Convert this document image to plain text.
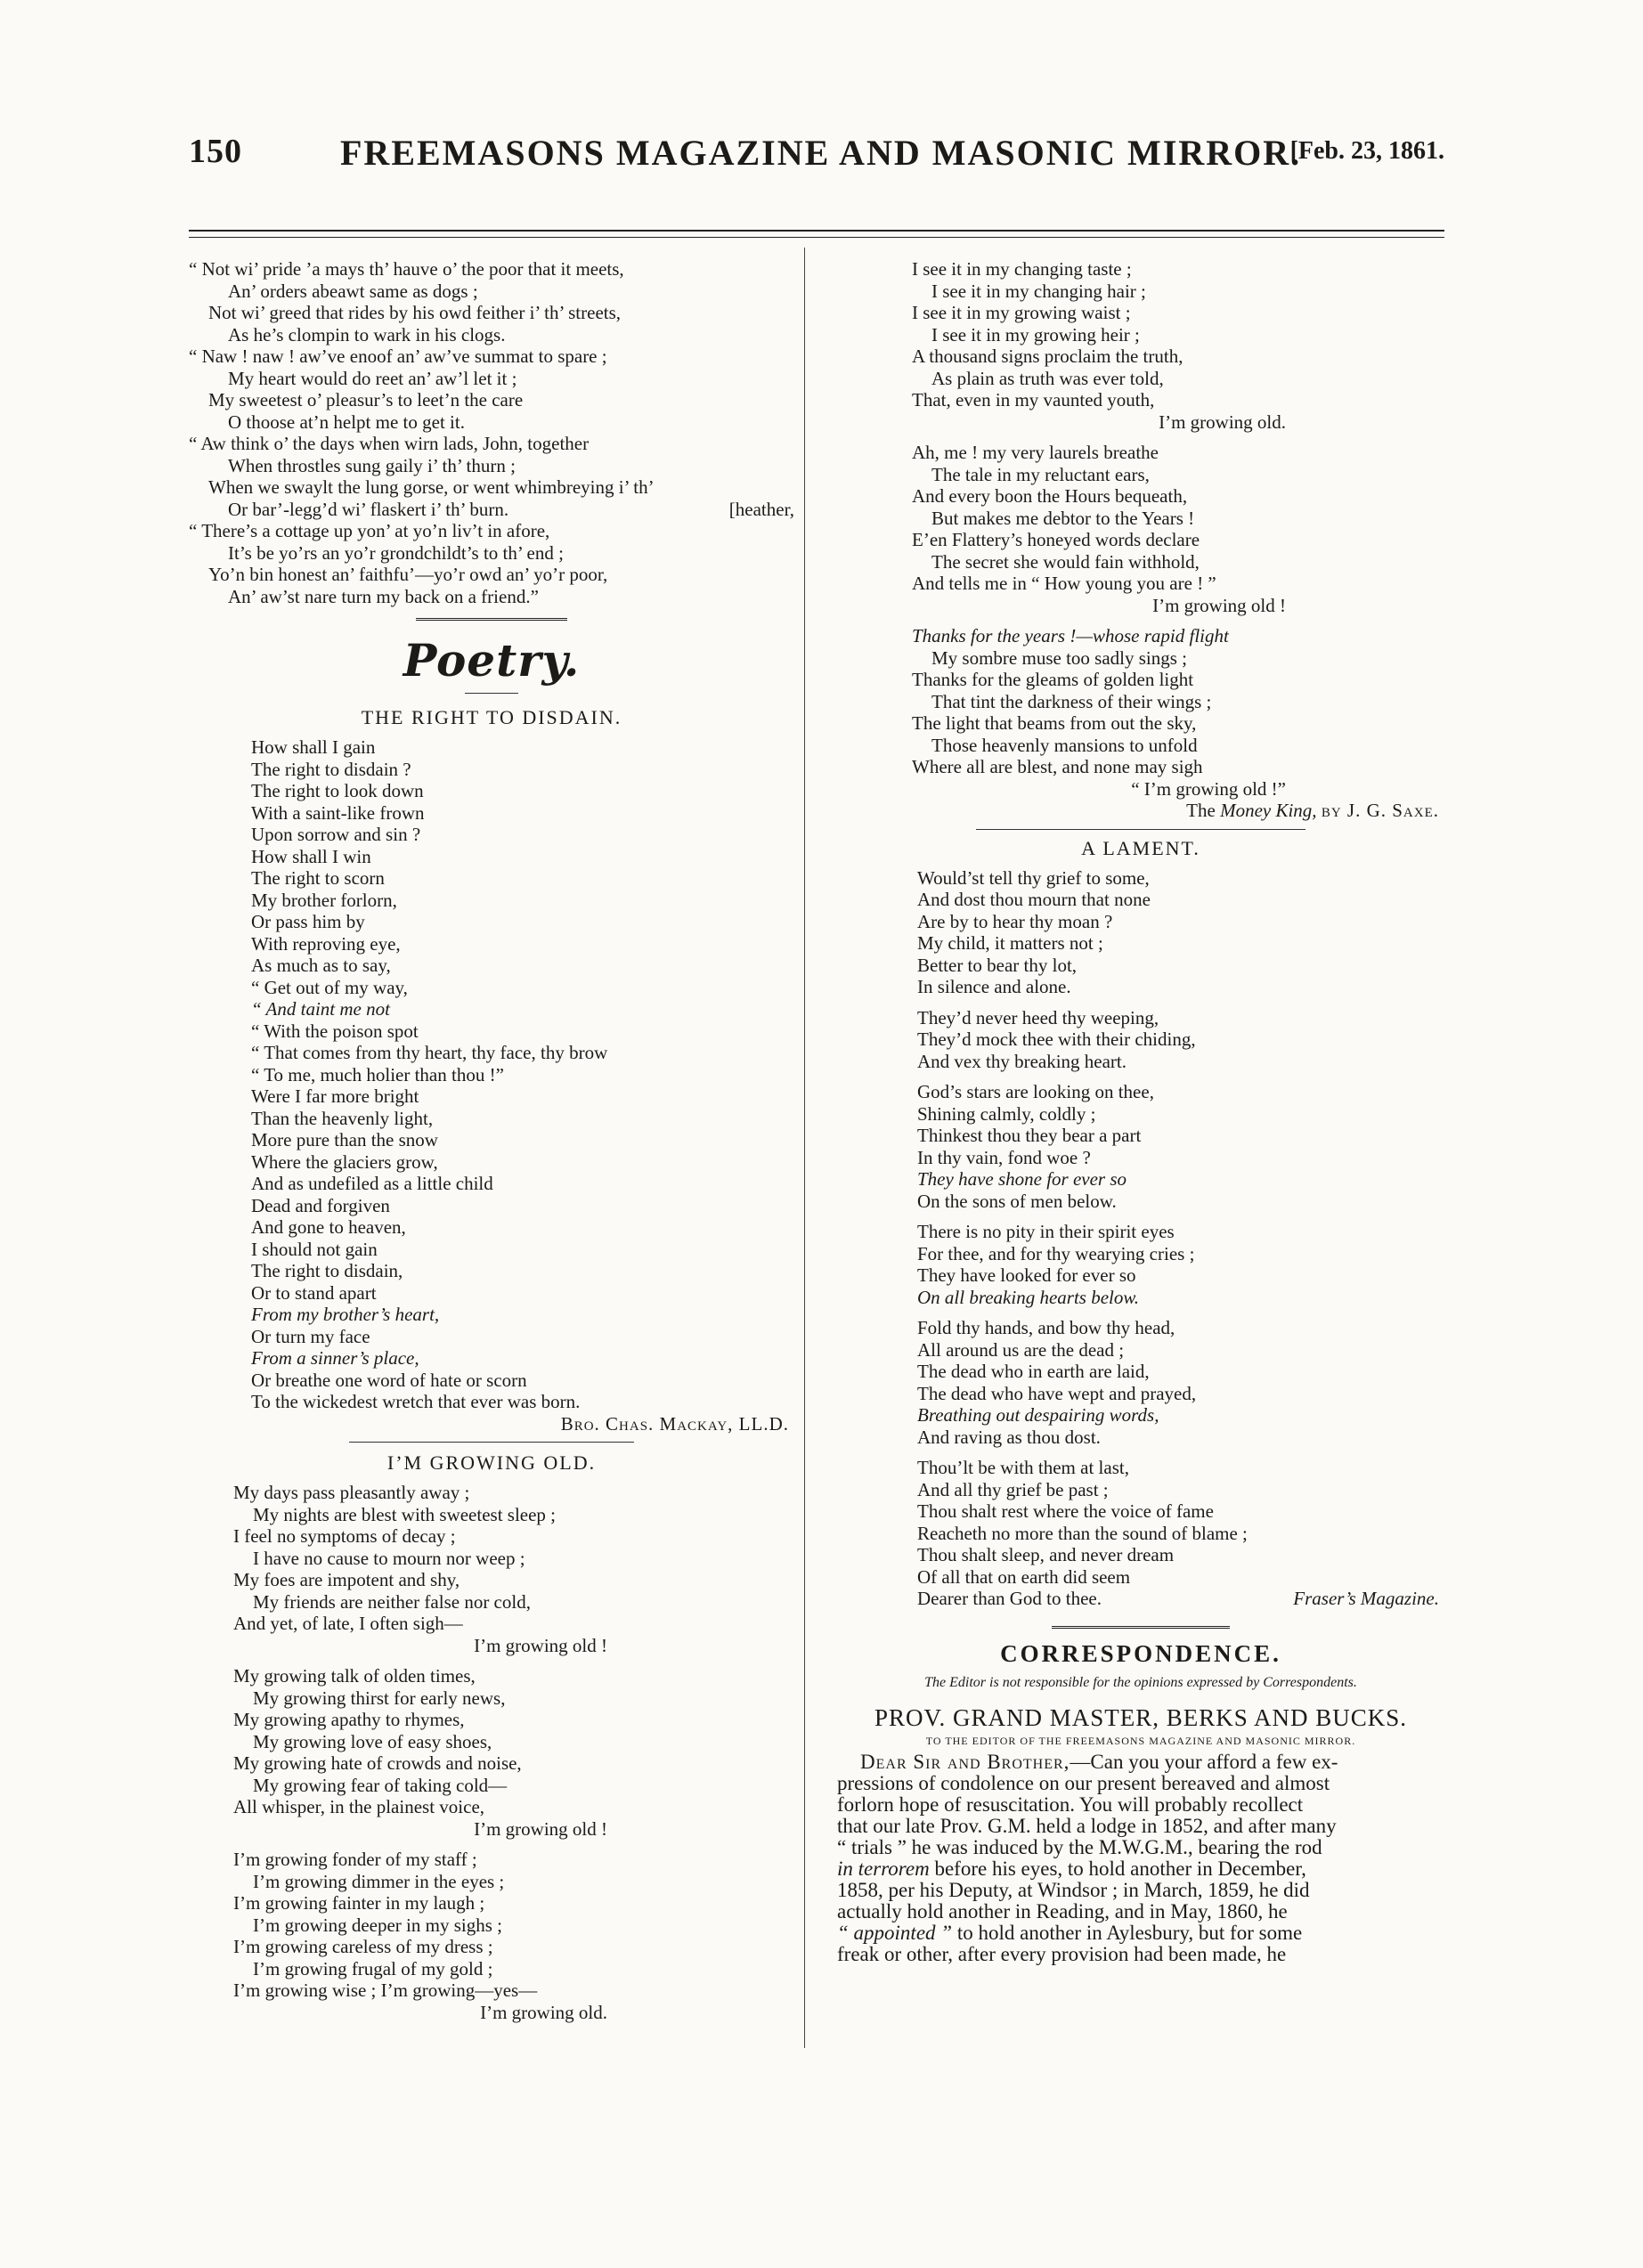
150	FREEMASONS MAGAZINE AND MASONIC MIRROR.
[Feb. 23, 1861.
“ Not wi’ pride ’a mays th’ hauve o’ the poor that it meets,
An’ orders abeawt same as dogs ;
Not wi’ greed that rides by his owd feither i’ th’ streets,
As he’s clompin to wark in his clogs.
“ Naw ! naw ! aw’ve enoof an’ aw’ve summat to spare ;
My heart would do reet an’ aw’l let it ;
My sweetest o’ pleasur’s to leet’n the care
O thoose at’n helpt me to get it.
“ Aw think o’ the days when wirn lads, John, together
When throstles sung gaily i’ th’ thurn ;
When we swaylt the lung gorse, or went whimbreying i’ th’
Or bar’-legg’d wi’ flaskert i’ th’ burn.	[heather,
“ There’s a cottage up yon’ at yo’n liv’t in afore,
It’s be yo’rs an yo’r grondchildt’s to th’ end ;
Yo’n bin honest an’ faithfu’—yo’r owd an’ yo’r poor,
An’ aw’st nare turn my back on a friend.”
Poetry.
THE RIGHT TO DISDAIN.
How shall I gain
The right to disdain ?
The right to look down
With a saint-like frown
Upon sorrow and sin ?
How shall I win
The right to scorn
My brother forlorn,
Or pass him by
With reproving eye,
As much as to say,
“ Get out of my way,
“ And taint me not
“ With the poison spot
“ That comes from thy heart, thy face, thy brow
“ To me, much holier than thou !”
Were I far more bright
Than the heavenly light,
More pure than the snow
Where the glaciers grow,
And as undefiled as a little child
Dead and forgiven
And gone to heaven,
I should not gain
The right to disdain,
Or to stand apart
From my brother’s heart,
Or turn my face
From a sinner’s place,
Or breathe one word of hate or scorn
To the wickedest wretch that ever was born.
Bro. Chas. Mackay, LL.D.
I’M GROWING OLD.
My days pass pleasantly away ;
My nights are blest with sweetest sleep ;
I feel no symptoms of decay ;
I have no cause to mourn nor weep ;
My foes are impotent and shy,
My friends are neither false nor cold,
And yet, of late, I often sigh—
I’m growing old !
My growing talk of olden times,
My growing thirst for early news,
My growing apathy to rhymes,
My growing love of easy shoes,
My growing hate of crowds and noise,
My growing fear of taking cold—
All whisper, in the plainest voice,
I’m growing old !
I’m growing fonder of my staff ;
I’m growing dimmer in the eyes ;
I’m growing fainter in my laugh ;
I’m growing deeper in my sighs ;
I’m growing careless of my dress ;
I’m growing frugal of my gold ;
I’m growing wise ; I’m growing—yes—
I’m growing old.
I see it in my changing taste ;
I see it in my changing hair ;
I see it in my growing waist ;
I see it in my growing heir ;
A thousand signs proclaim the truth,
As plain as truth was ever told,
That, even in my vaunted youth,
I’m growing old.
Ah, me ! my very laurels breathe
The tale in my reluctant ears,
And every boon the Hours bequeath,
But makes me debtor to the Years !
E’en Flattery’s honeyed words declare
The secret she would fain withhold,
And tells me in “ How young you are ! ”
I’m growing old !
Thanks for the years !—whose rapid flight
My sombre muse too sadly sings ;
Thanks for the gleams of golden light
That tint the darkness of their wings ;
The light that beams from out the sky,
Those heavenly mansions to unfold
Where all are blest, and none may sigh
“ I’m growing old !”
The Money King, by J. G. Saxe.
A LAMENT.
Would’st tell thy grief to some,
And dost thou mourn that none
Are by to hear thy moan ?
My child, it matters not ;
Better to bear thy lot,
In silence and alone.
They’d never heed thy weeping,
They’d mock thee with their chiding,
And vex thy breaking heart.
God’s stars are looking on thee,
Shining calmly, coldly ;
Thinkest thou they bear a part
In thy vain, fond woe ?
They have shone for ever so
On the sons of men below.
There is no pity in their spirit eyes
For thee, and for thy wearying cries ;
They have looked for ever so
On all breaking hearts below.
Fold thy hands, and bow thy head,
All around us are the dead ;
The dead who in earth are laid,
The dead who have wept and prayed,
Breathing out despairing words,
And raving as thou dost.
Thou’lt be with them at last,
And all thy grief be past ;
Thou shalt rest where the voice of fame
Reacheth no more than the sound of blame ;
Thou shalt sleep, and never dream
Of all that on earth did seem
Dearer than God to thee.	Fraser’s Magazine.
CORRESPONDENCE.
The Editor is not responsible for the opinions expressed by Correspondents.
PROV. GRAND MASTER, BERKS AND BUCKS.
TO THE EDITOR OF THE FREEMASONS MAGAZINE AND MASONIC MIRROR.
Dear Sir and Brother,—Can you your afford a few ex-
pressions of condolence on our present bereaved and almost
forlorn hope of resuscitation. You will probably recollect
that our late Prov. G.M. held a lodge in 1852, and after many
“ trials ” he was induced by the M.W.G.M., bearing the rod
in terrorem before his eyes, to hold another in December,
1858, per his Deputy, at Windsor ; in March, 1859, he did
actually hold another in Reading, and in May, 1860, he
“ appointed ” to hold another in Aylesbury, but for some
freak or other, after every provision had been made, he
